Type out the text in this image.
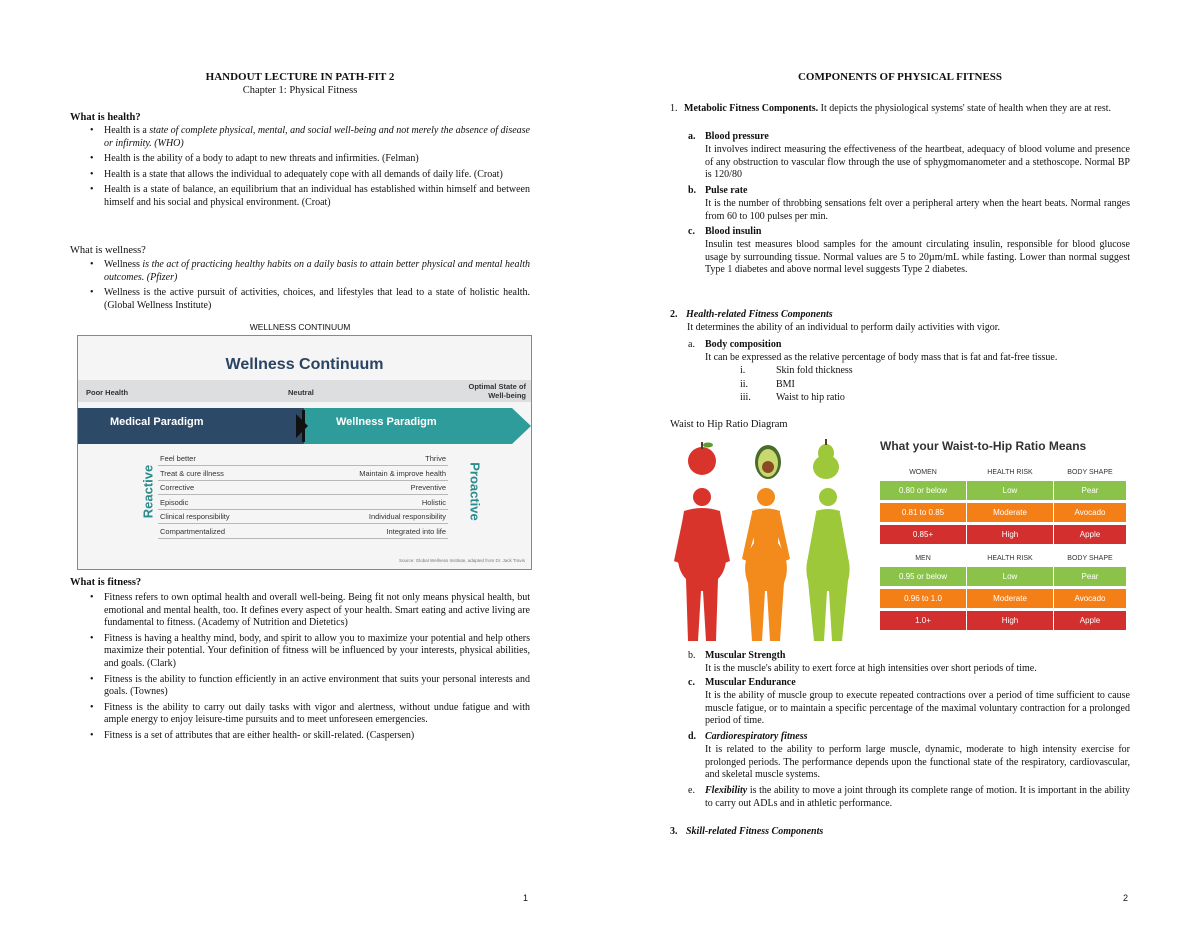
HANDOUT LECTURE IN PATH-FIT 2
Chapter 1: Physical Fitness
What is health?
• Health is a state of complete physical, mental, and social well-being and not merely the absence of disease or infirmity. (WHO)
• Health is the ability of a body to adapt to new threats and infirmities. (Felman)
• Health is a state that allows the individual to adequately cope with all demands of daily life. (Croat)
• Health is a state of balance, an equilibrium that an individual has established within himself and between himself and his social and physical environment. (Croat)
What is wellness?
• Wellness is the act of practicing healthy habits on a daily basis to attain better physical and mental health outcomes. (Pfizer)
• Wellness is the active pursuit of activities, choices, and lifestyles that lead to a state of holistic health. (Global Wellness Institute)
WELLNESS CONTINUUM
Wellness Continuum
Poor Health	Neutral
Optimal State of Well-being
Medical Paradigm	Wellness Paradigm
Reactive	Proactive
Feel better	Thrive
Treat & cure illness	Maintain & improve health
Corrective	Preventive
Episodic	Holistic
Clinical responsibility	Individual responsibility
Compartmentalized	Integrated into life
Source: Global Wellness Institute, adapted from Dr. Jack Travis
What is fitness?
• Fitness refers to own optimal health and overall well-being. Being fit not only means physical health, but emotional and mental health, too. It defines every aspect of your health. Smart eating and active living are fundamental to fitness. (Academy of Nutrition and Dietetics)
• Fitness is having a healthy mind, body, and spirit to allow you to maximize your potential and help others maximize their potential. Your definition of fitness will be influenced by your interests, physical abilities, and goals. (Clark)
• Fitness is the ability to function efficiently in an active environment that suits your personal interests and goals. (Townes)
• Fitness is the ability to carry out daily tasks with vigor and alertness, without undue fatigue and with ample energy to enjoy leisure-time pursuits and to meet unforeseen emergencies.
• Fitness is a set of attributes that are either health- or skill-related. (Caspersen)
1
COMPONENTS OF PHYSICAL FITNESS
1. Metabolic Fitness Components. It depicts the physiological systems' state of health when they are at rest.
a. Blood pressure
It involves indirect measuring the effectiveness of the heartbeat, adequacy of blood volume and presence of any obstruction to vascular flow through the use of sphygmomanometer and a stethoscope. Normal BP is 120/80
b. Pulse rate
It is the number of throbbing sensations felt over a peripheral artery when the heart beats. Normal ranges from 60 to 100 pulses per min.
c. Blood insulin
Insulin test measures blood samples for the amount circulating insulin, responsible for blood glucose usage by surrounding tissue. Normal values are 5 to 20µm/mL while fasting. Lower than normal suggest Type 1 diabetes and above normal level suggests Type 2 diabetes.
2. Health-related Fitness Components
It determines the ability of an individual to perform daily activities with vigor.
a. Body composition
It can be expressed as the relative percentage of body mass that is fat and fat-free tissue.
i.	Skin fold thickness
ii.	BMI
iii.	Waist to hip ratio
Waist to Hip Ratio Diagram
What your Waist-to-Hip Ratio Means
WOMEN	HEALTH RISK	BODY SHAPE
0.80 or below	Low	Pear
0.81 to 0.85	Moderate	Avocado
0.85+	High	Apple
MEN	HEALTH RISK	BODY SHAPE
0.95 or below	Low	Pear
0.96 to 1.0	Moderate	Avocado
1.0+	High	Apple
b. Muscular Strength
It is the muscle's ability to exert force at high intensities over short periods of time.
c. Muscular Endurance
It is the ability of muscle group to execute repeated contractions over a period of time sufficient to cause muscle fatigue, or to maintain a specific percentage of the maximal voluntary contraction for a prolonged period of time.
d. Cardiorespiratory fitness
It is related to the ability to perform large muscle, dynamic, moderate to high intensity exercise for prolonged periods. The performance depends upon the functional state of the respiratory, cardiovascular, and skeletal muscle systems.
e. Flexibility is the ability to move a joint through its complete range of motion. It is important in the ability to carry out ADLs and in athletic performance.
3. Skill-related Fitness Components
2
